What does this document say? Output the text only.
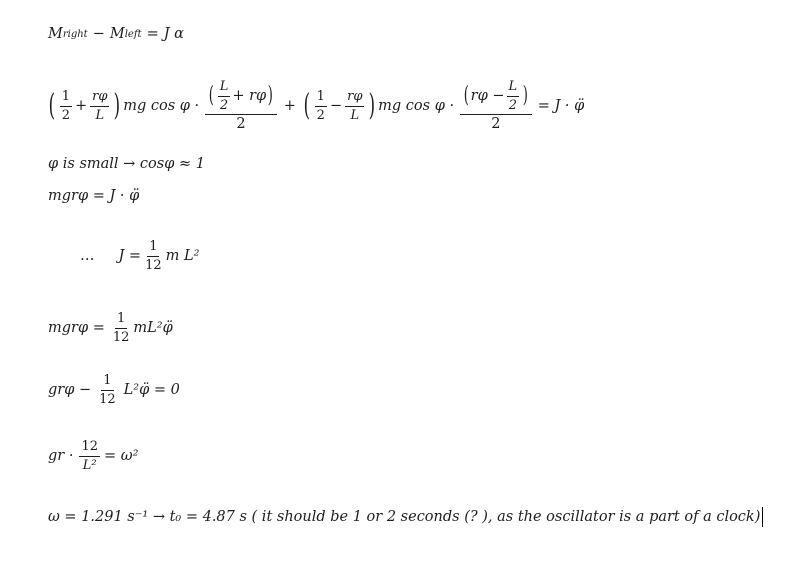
M right − M left = J α
( $\frac{1}{2} + \frac{r\varphi}{L}$ ) mg $\cos \varphi \cdot \frac{( \frac{L}{2} + r\varphi )}{2}$ + ( $\frac{1}{2} - \frac{r\varphi}{L}$ ) mg $\cos \varphi \cdot \frac{( r\varphi - \frac{L}{2} )}{2} = J$ · φ̈
φ is small → cosφ ≈ 1
mgrφ = J · φ̈
… $J = \frac{1}{12}$ m L²
$mgr\varphi = \frac{1}{12}$ mL²φ̈
$gr\varphi - \frac{1}{12}$ L²φ̈ = 0
gr · $\frac{12}{\text{L²}} = \omega^2$
ω = 1.291 s⁻¹ → t₀ = 4.87 s ( it should be 1 or 2 seconds (? ), as the oscillator is a part of a clock)
